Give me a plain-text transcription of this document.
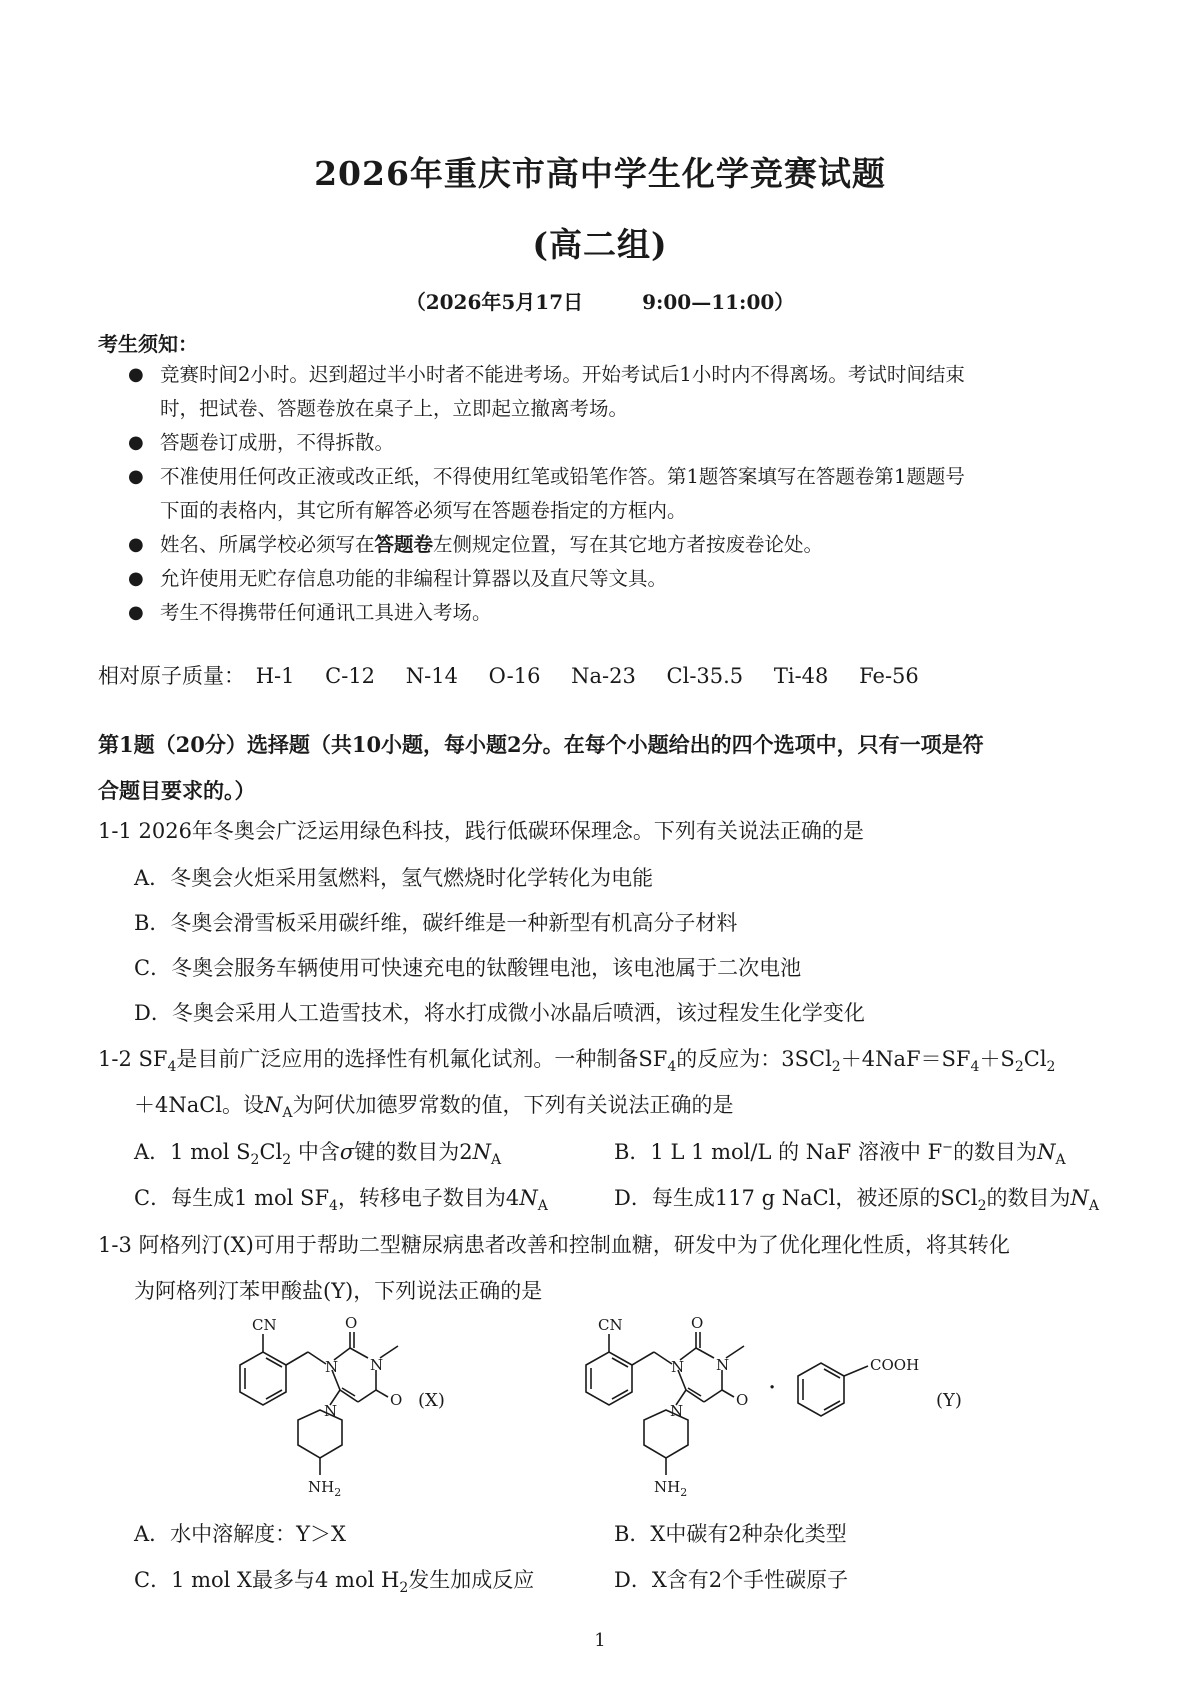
2026年重庆市高中学生化学竞赛试题
(高二组)
（2026年5月17日	9:00—11:00）
考生须知：
● 竞赛时间2小时。迟到超过半小时者不能进考场。开始考试后1小时内不得离场。考试时间结束
时，把试卷、答题卷放在桌子上，立即起立撤离考场。
● 答题卷订成册，不得拆散。
● 不准使用任何改正液或改正纸，不得使用红笔或铅笔作答。第1题答案填写在答题卷第1题题号
下面的表格内，其它所有解答必须写在答题卷指定的方框内。
● 姓名、所属学校必须写在答题卷左侧规定位置，写在其它地方者按废卷论处。
● 允许使用无贮存信息功能的非编程计算器以及直尺等文具。
● 考生不得携带任何通讯工具进入考场。
相对原子质量： H-1 C-12 N-14 O-16 Na-23 Cl-35.5 Ti-48 Fe-56
第1题（20分）选择题（共10小题，每小题2分。在每个小题给出的四个选项中，只有一项是符
合题目要求的。）
1-1 2026年冬奥会广泛运用绿色科技，践行低碳环保理念。下列有关说法正确的是
A．冬奥会火炬采用氢燃料，氢气燃烧时化学转化为电能
B．冬奥会滑雪板采用碳纤维，碳纤维是一种新型有机高分子材料
C．冬奥会服务车辆使用可快速充电的钛酸锂电池，该电池属于二次电池
D．冬奥会采用人工造雪技术，将水打成微小冰晶后喷洒，该过程发生化学变化
1-2 $SF_4$是目前广泛应用的选择性有机氟化试剂。一种制备$SF_4$的反应为：$3SCl_2+4NaF=SF_4+S_2Cl_2$
＋4NaCl。设$N_A$为阿伏加德罗常数的值，下列有关说法正确的是
A．1 mol $S_2Cl_2$ 中含σ键的数目为$2N_A$	B．1 L 1 mol/L 的 NaF 溶液中 F−的数目为$N_A$
C．每生成1 mol $SF_4$，转移电子数目为$4N_A$	D．每生成117 g NaCl，被还原的SCl$_2$的数目为$N_A$
1-3 阿格列汀(X)可用于帮助二型糖尿病患者改善和控制血糖，研发中为了优化理化性质，将其转化
为阿格列汀苯甲酸盐(Y)，下列说法正确的是
CN
N
O
N
O
N
$NH_2$
(X)
CN
N
O
N
O
N
$NH_2$
·
COOH
(Y)
A．水中溶解度：Y＞X	B．X中碳有2种杂化类型
C．1 mol X最多与4 mol $H_2$发生加成反应	D．X含有2个手性碳原子
1
